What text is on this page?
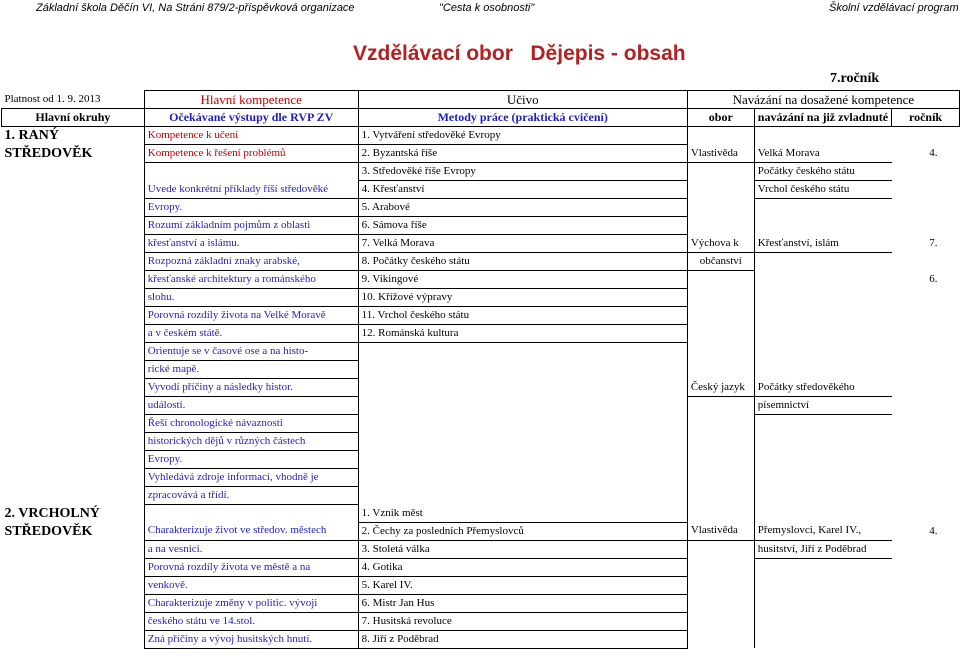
Základní škola Děčín VI, Na Stráni 879/2-příspěvková organizace	"Cesta k osobnosti"	Školní vzdělávací program
Vzdělávací obor   Dějepis - obsah
7.ročník
Platnost od 1. 9. 2013	Hlavní kompetence	Učivo	Navázání na dosažené kompetence		
Hlavní okruhy	Očekávané výstupy dle RVP ZV	Metody práce (praktická cvičení)	obor	navázání na již zvladnuté	ročník
1. RANÝ	Kompetence k učení	1. Vytváření středověké Evropy			
STŘEDOVĚK	Kompetence k řešení problémů	2. Byzantská říše	Vlastivěda	Velká Morava	4.
		3. Středověké říše Evropy		Počátky českého státu	
	Uvede konkrétní příklady říší středověké	4. Křesťanství		Vrchol českého státu	
	Evropy.	5. Arabové			
	Rozumí základním pojmům z oblasti	6. Sámova říše			
	křesťanství a islámu.	7. Velká Morava	Výchova k	Křesťanství, islám	7.
	Rozpozná základní znaky arabské,	8. Počátky českého státu	občanství		
	křesťanské architektury a románského	9. Vikingové			6.
	slohu.	10. Křížové výpravy			
	Porovná rozdíly života na Velké Moravě	11. Vrchol českého státu			
	a v českém státě.	12. Románská kultura			
	Orientuje se v časové ose a na histo-				
	rické mapě.				
	Vyvodí příčiny a následky histor.		Český jazyk	Počátky středověkého	
	událostí.			písemnictví	
	Řeší chronologické návaznosti				
	historických dějů v různých částech				
	Evropy.				
	Vyhledává zdroje informací, vhodně je				
	zpracovává a třídí.				
2. VRCHOLNÝ		1. Vznik měst			
STŘEDOVĚK	Charakterizuje život ve středov. městech	2. Čechy za posledních Přemyslovců	Vlastivěda	Přemyslovci, Karel IV.,	4.
	a na vesnici.	3. Stoletá válka		husitství, Jiří z Poděbrad	
	Porovná rozdíly života ve městě a na	4. Gotika			
	venkově.	5. Karel IV.			
	Charakterizuje změny v politic. vývoji	6. Mistr Jan Hus			
	českého státu ve 14.stol.	7. Husitská revoluce			
	Zná příčiny a vývoj husitských hnutí.	8. Jiří z Poděbrad			
